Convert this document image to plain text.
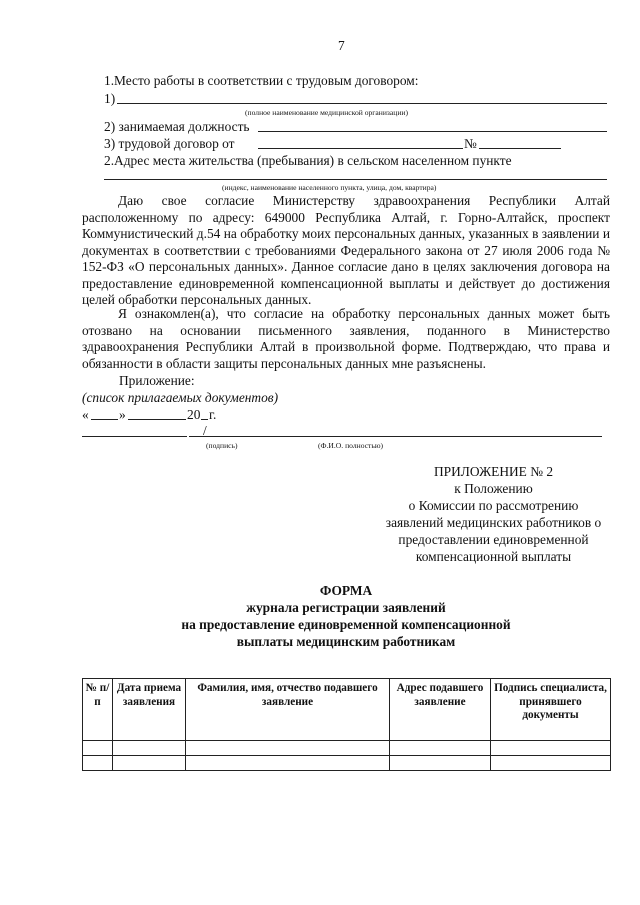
7
1.Место работы в соответствии с трудовым договором:
1)
(полное наименование медицинской организации)
2) занимаемая должность
3) трудовой договор от	№
2.Адрес места жительства (пребывания) в сельском населенном пункте
(индекс, наименование населенного пункта, улица, дом, квартира)
Даю свое согласие Министерству здравоохранения Республики Алтай расположенному по адресу: 649000 Республика Алтай, г. Горно-Алтайск, проспект Коммунистический д.54 на обработку моих персональных данных, указанных в заявлении и документах в соответствии с требованиями Федерального закона от 27 июля 2006 года № 152-ФЗ «О персональных данных». Данное согласие дано в целях заключения договора на предоставление единовременной компенсационной выплаты и действует до достижения целей обработки персональных данных.
Я ознакомлен(а), что согласие на обработку персональных данных может быть отозвано на основании письменного заявления, поданного в Министерство здравоохранения Республики Алтай в произвольной форме. Подтверждаю, что права и обязанности в области защиты персональных данных мне разъяснены.
Приложение:
(список прилагаемых документов)
« »	20 г.
/
(подпись)	(Ф.И.О. полностью)
ПРИЛОЖЕНИЕ № 2
к Положению
о Комиссии по рассмотрению
заявлений медицинских работников о
предоставлении единовременной
компенсационной выплаты
ФОРМА
журнала регистрации заявлений
на предоставление единовременной компенсационной
выплаты медицинским работникам
№ п/п	Дата приема заявления	Фамилия, имя, отчество подавшего заявление	Адрес подавшего заявление	Подпись специалиста, принявшего документы
